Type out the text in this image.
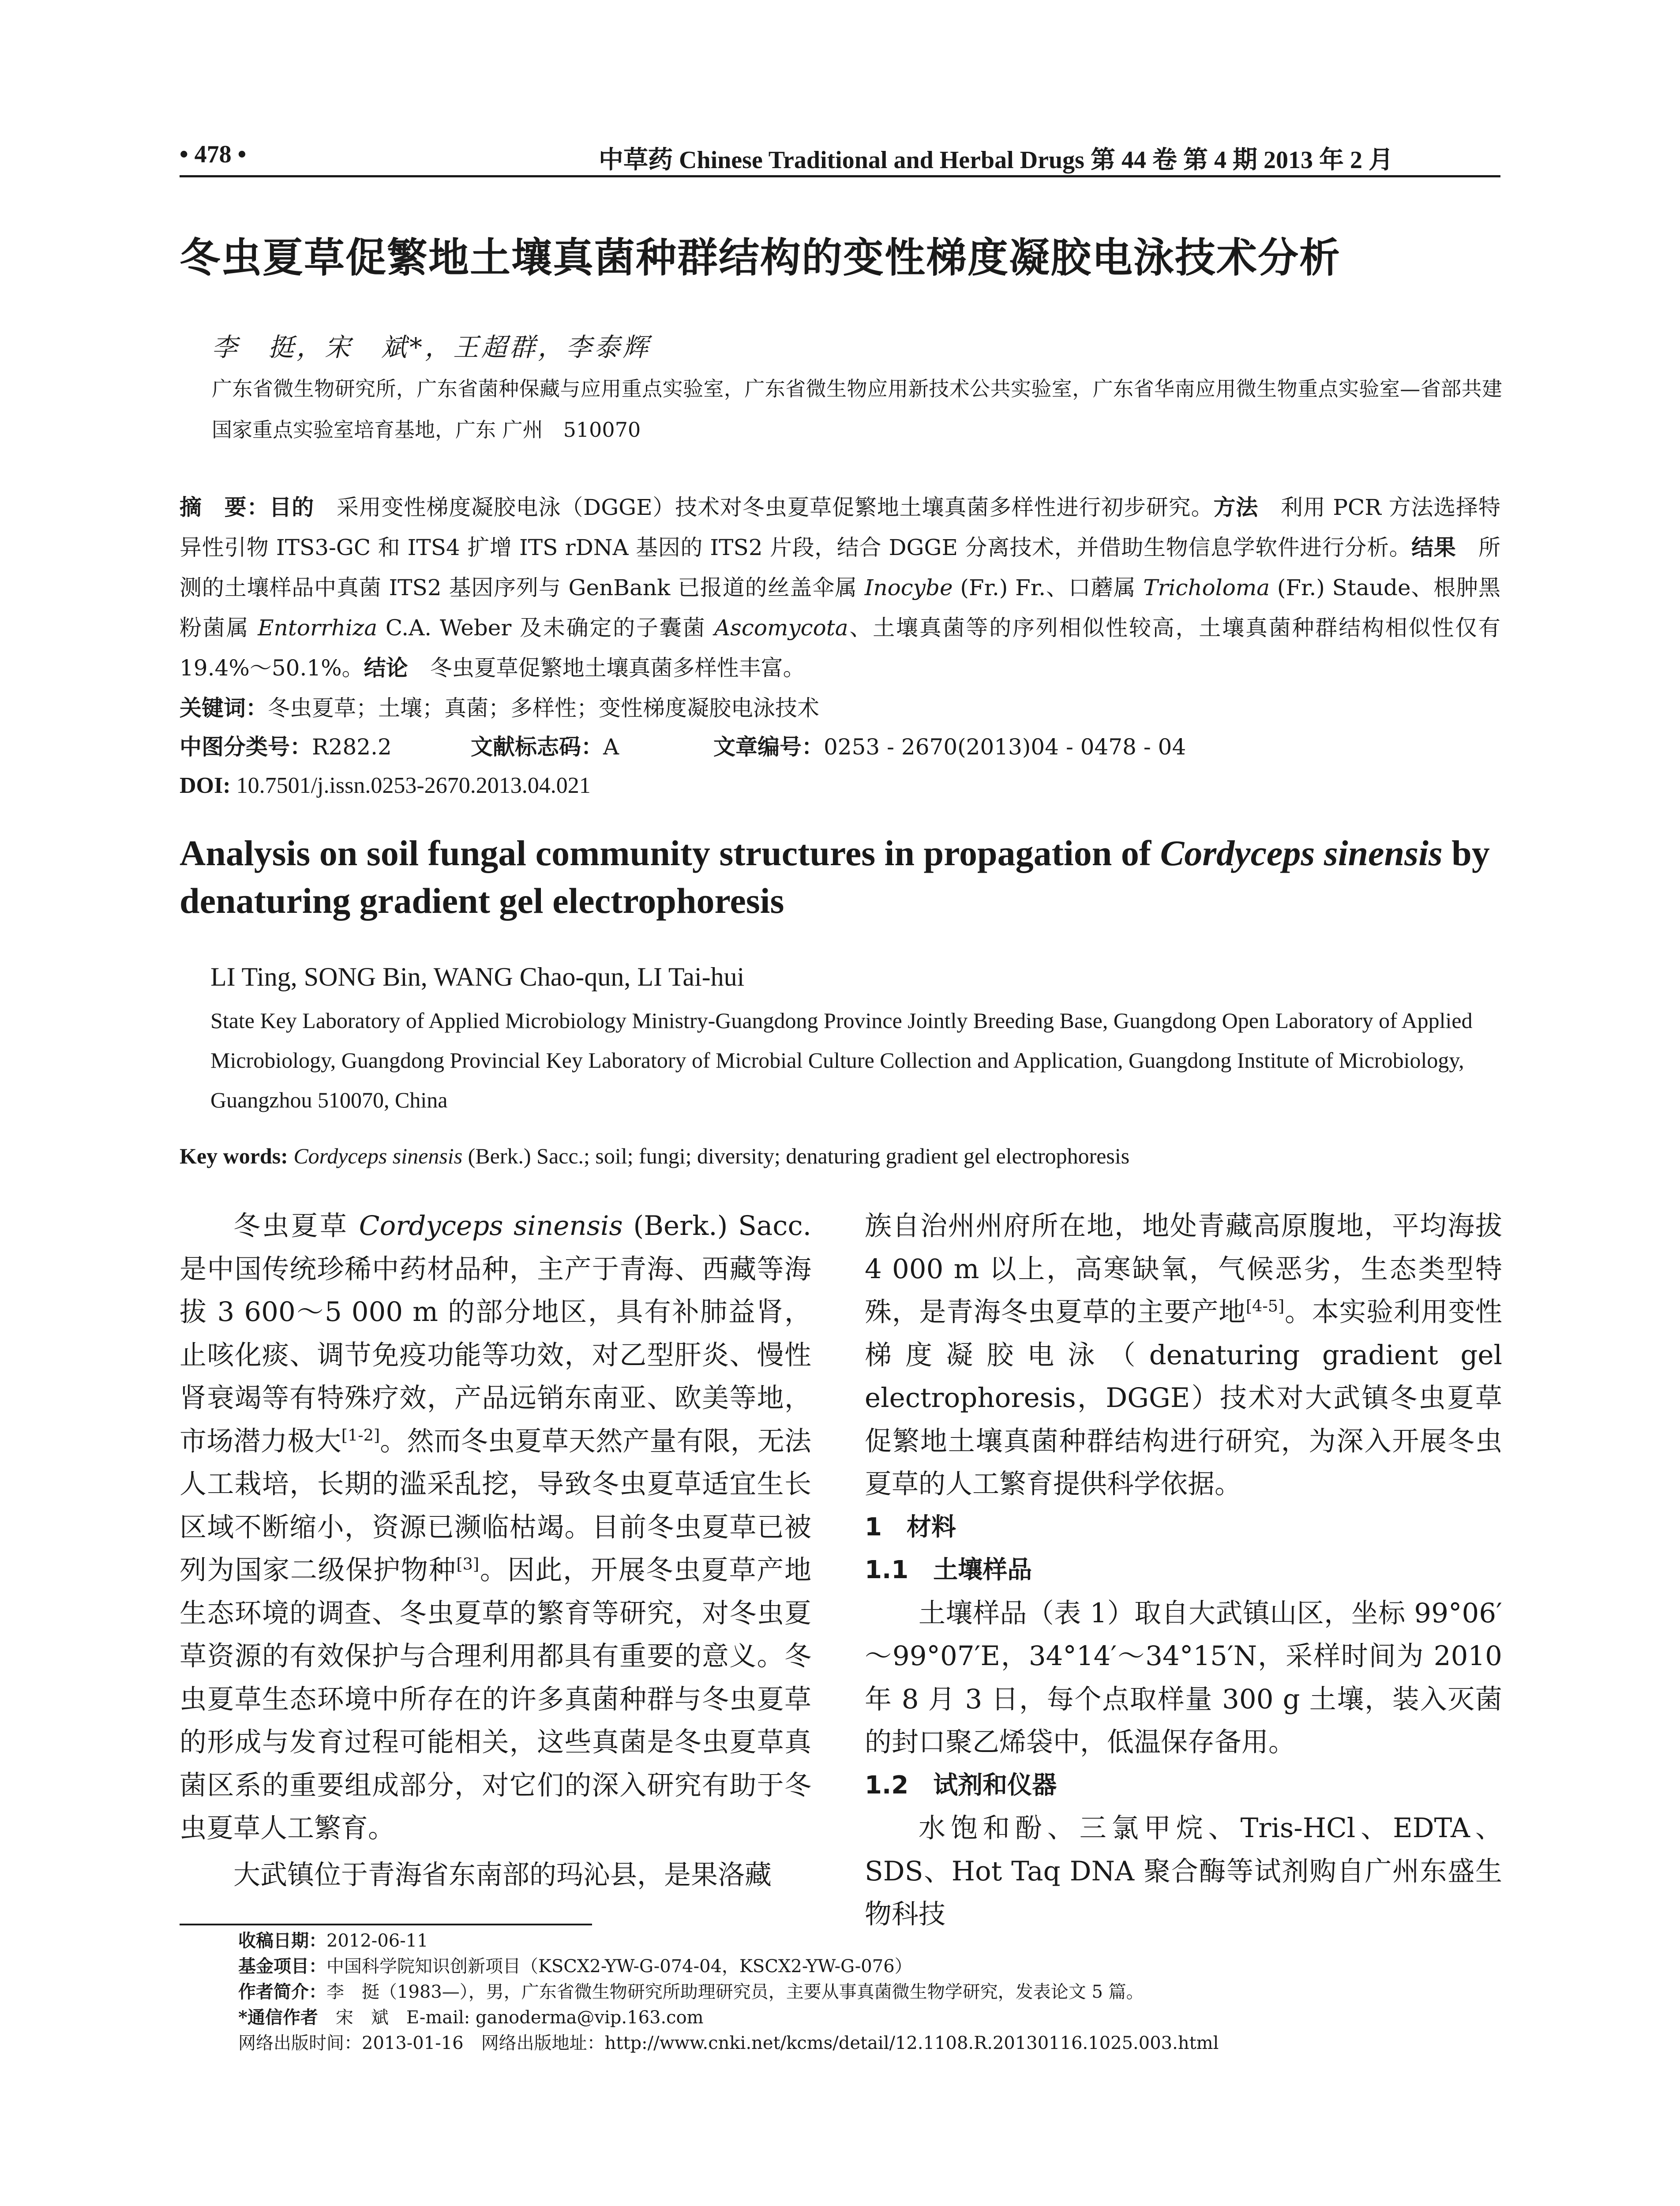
• 478 •	中草药 Chinese Traditional and Herbal Drugs 第 44 卷 第 4 期 2013 年 2 月
冬虫夏草促繁地土壤真菌种群结构的变性梯度凝胶电泳技术分析
李　挺，宋　斌*，王超群，李泰辉
广东省微生物研究所，广东省菌种保藏与应用重点实验室，广东省微生物应用新技术公共实验室，广东省华南应用微生物重点实验室—省部共建国家重点实验室培育基地，广东 广州　510070
摘　要：目的　采用变性梯度凝胶电泳（DGGE）技术对冬虫夏草促繁地土壤真菌多样性进行初步研究。方法　利用 PCR 方法选择特异性引物 ITS3-GC 和 ITS4 扩增 ITS rDNA 基因的 ITS2 片段，结合 DGGE 分离技术，并借助生物信息学软件进行分析。结果　所测的土壤样品中真菌 ITS2 基因序列与 GenBank 已报道的丝盖伞属 Inocybe (Fr.) Fr.、口蘑属 Tricholoma (Fr.) Staude、根肿黑粉菌属 Entorrhiza C.A. Weber 及未确定的子囊菌 Ascomycota、土壤真菌等的序列相似性较高，土壤真菌种群结构相似性仅有 19.4%～50.1%。结论　冬虫夏草促繁地土壤真菌多样性丰富。
关键词：冬虫夏草；土壤；真菌；多样性；变性梯度凝胶电泳技术
中图分类号：R282.2	文献标志码：A	文章编号：0253 - 2670(2013)04 - 0478 - 04
DOI: 10.7501/j.issn.0253-2670.2013.04.021
Analysis on soil fungal community structures in propagation of Cordyceps sinensis by denaturing gradient gel electrophoresis
LI Ting, SONG Bin, WANG Chao-qun, LI Tai-hui
State Key Laboratory of Applied Microbiology Ministry-Guangdong Province Jointly Breeding Base, Guangdong Open Laboratory of Applied Microbiology, Guangdong Provincial Key Laboratory of Microbial Culture Collection and Application, Guangdong Institute of Microbiology, Guangzhou 510070, China
Key words: Cordyceps sinensis (Berk.) Sacc.; soil; fungi; diversity; denaturing gradient gel electrophoresis

冬虫夏草 Cordyceps sinensis (Berk.) Sacc. 是中国传统珍稀中药材品种，主产于青海、西藏等海拔 3 600～5 000 m 的部分地区，具有补肺益肾，止咳化痰、调节免疫功能等功效，对乙型肝炎、慢性肾衰竭等有特殊疗效，产品远销东南亚、欧美等地，市场潜力极大[1-2]。然而冬虫夏草天然产量有限，无法人工栽培，长期的滥采乱挖，导致冬虫夏草适宜生长区域不断缩小，资源已濒临枯竭。目前冬虫夏草已被列为国家二级保护物种[3]。因此，开展冬虫夏草产地生态环境的调查、冬虫夏草的繁育等研究，对冬虫夏草资源的有效保护与合理利用都具有重要的意义。冬虫夏草生态环境中所存在的许多真菌种群与冬虫夏草的形成与发育过程可能相关，这些真菌是冬虫夏草真菌区系的重要组成部分，对它们的深入研究有助于冬虫夏草人工繁育。

大武镇位于青海省东南部的玛沁县，是果洛藏

族自治州州府所在地，地处青藏高原腹地，平均海拔 4 000 m 以上，高寒缺氧，气候恶劣，生态类型特殊，是青海冬虫夏草的主要产地[4-5]。本实验利用变性梯度凝胶电泳（denaturing gradient gel electrophoresis，DGGE）技术对大武镇冬虫夏草促繁地土壤真菌种群结构进行研究，为深入开展冬虫夏草的人工繁育提供科学依据。

1　材料
1.1　土壤样品

土壤样品（表 1）取自大武镇山区，坐标 99°06′～99°07′E，34°14′～34°15′N，采样时间为 2010 年 8 月 3 日，每个点取样量 300 g 土壤，装入灭菌的封口聚乙烯袋中，低温保存备用。

1.2　试剂和仪器

水饱和酚、三氯甲烷、Tris-HCl、EDTA、SDS、Hot Taq DNA 聚合酶等试剂购自广州东盛生物科技

收稿日期：2012-06-11
基金项目：中国科学院知识创新项目（KSCX2-YW-G-074-04，KSCX2-YW-G-076）
作者简介：李　挺（1983—），男，广东省微生物研究所助理研究员，主要从事真菌微生物学研究，发表论文 5 篇。
*通信作者　宋　斌　E-mail: ganoderma@vip.163.com
网络出版时间：2013-01-16　网络出版地址：http://www.cnki.net/kcms/detail/12.1108.R.20130116.1025.003.html
